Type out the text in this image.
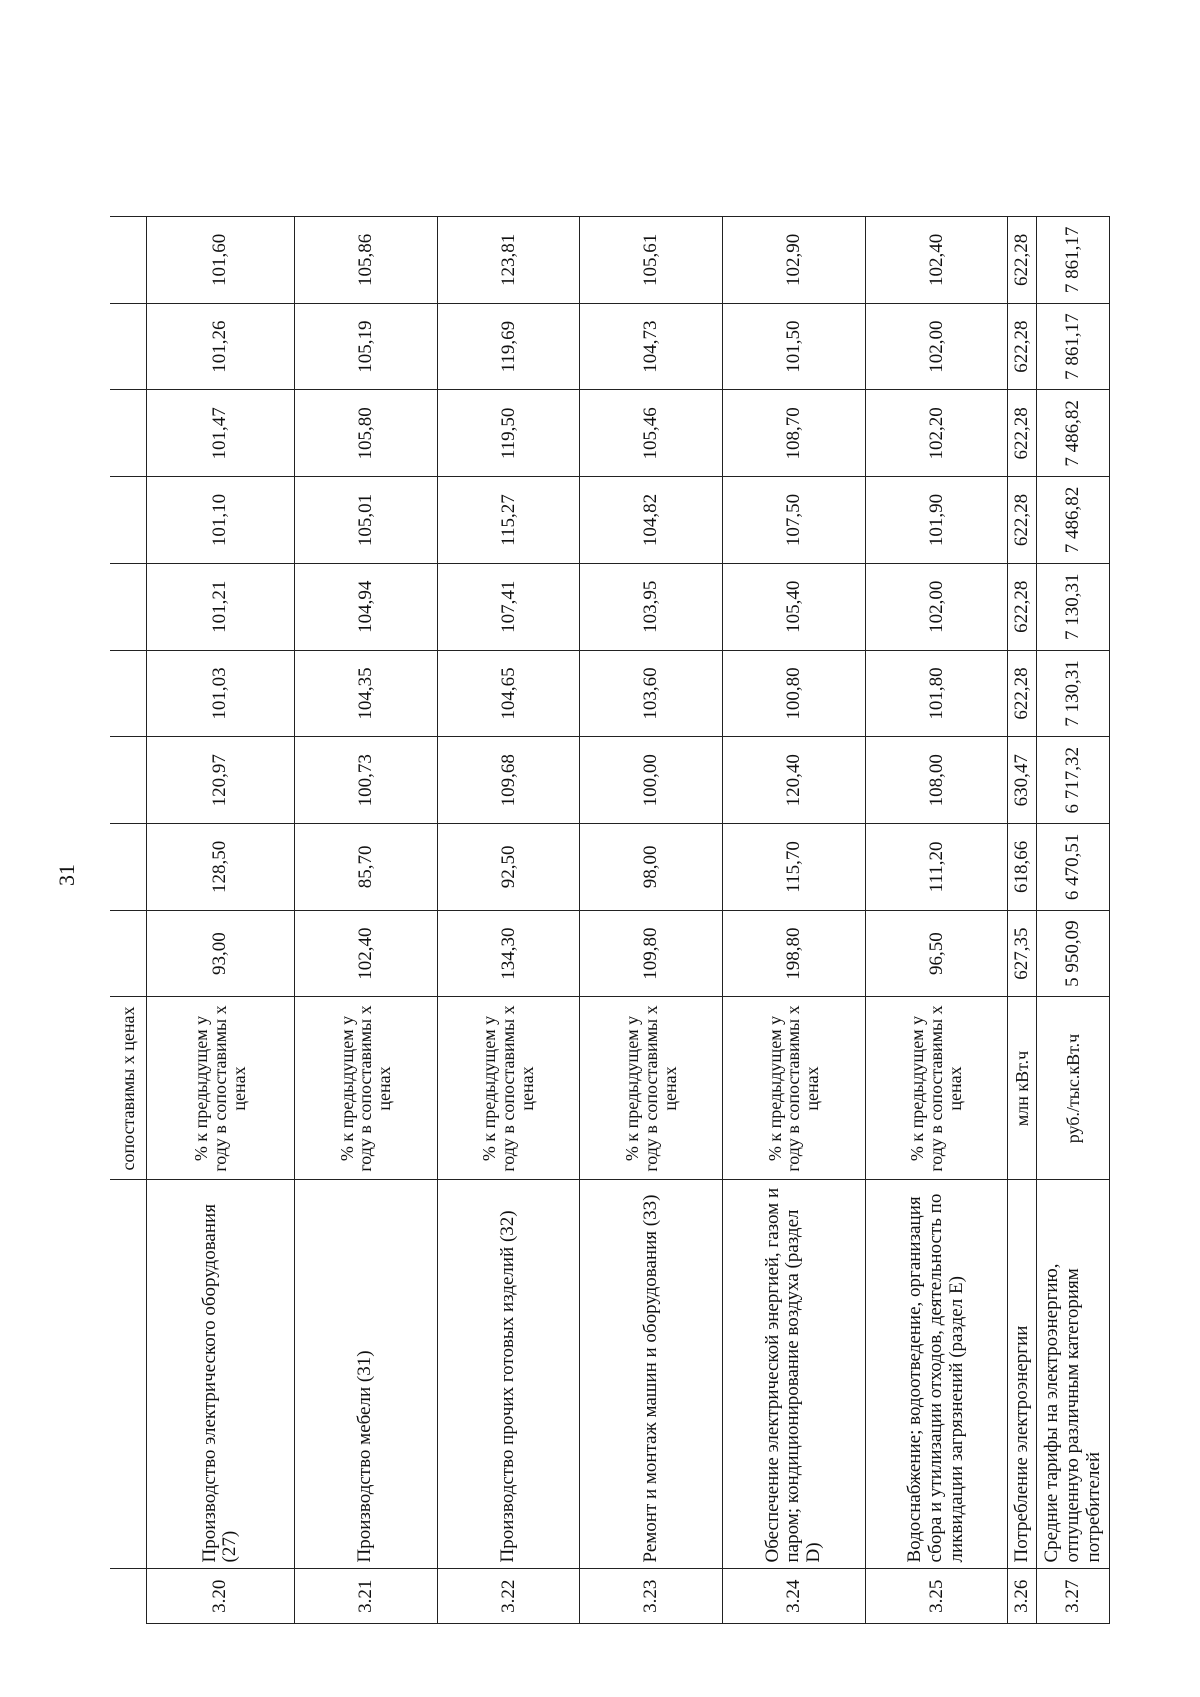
31
		сопоставимы х ценах									
3.20	Производство электрического оборудования (27)	% к предыдущем у году в сопоставимы х ценах	93,00	128,50	120,97	101,03	101,21	101,10	101,47	101,26	101,60
3.21	Производство мебели (31)	% к предыдущем у году в сопоставимы х ценах	102,40	85,70	100,73	104,35	104,94	105,01	105,80	105,19	105,86
3.22	Производство прочих готовых изделий (32)	% к предыдущем у году в сопоставимы х ценах	134,30	92,50	109,68	104,65	107,41	115,27	119,50	119,69	123,81
3.23	Ремонт и монтаж машин и оборудования (33)	% к предыдущем у году в сопоставимы х ценах	109,80	98,00	100,00	103,60	103,95	104,82	105,46	104,73	105,61
3.24	Обеспечение электрической энергией, газом и паром; кондиционирование воздуха (раздел D)	% к предыдущем у году в сопоставимы х ценах	198,80	115,70	120,40	100,80	105,40	107,50	108,70	101,50	102,90
3.25	Водоснабжение; водоотведение, организация сбора и утилизации отходов, деятельность по ликвидации загрязнений (раздел E)	% к предыдущем у году в сопоставимы х ценах	96,50	111,20	108,00	101,80	102,00	101,90	102,20	102,00	102,40
3.26	Потребление электроэнергии	млн кВт.ч	627,35	618,66	630,47	622,28	622,28	622,28	622,28	622,28	622,28
3.27	Средние тарифы на электроэнергию, отпущенную различным категориям потребителей	руб./тыс.кВт.ч	5 950,09	6 470,51	6 717,32	7 130,31	7 130,31	7 486,82	7 486,82	7 861,17	7 861,17
